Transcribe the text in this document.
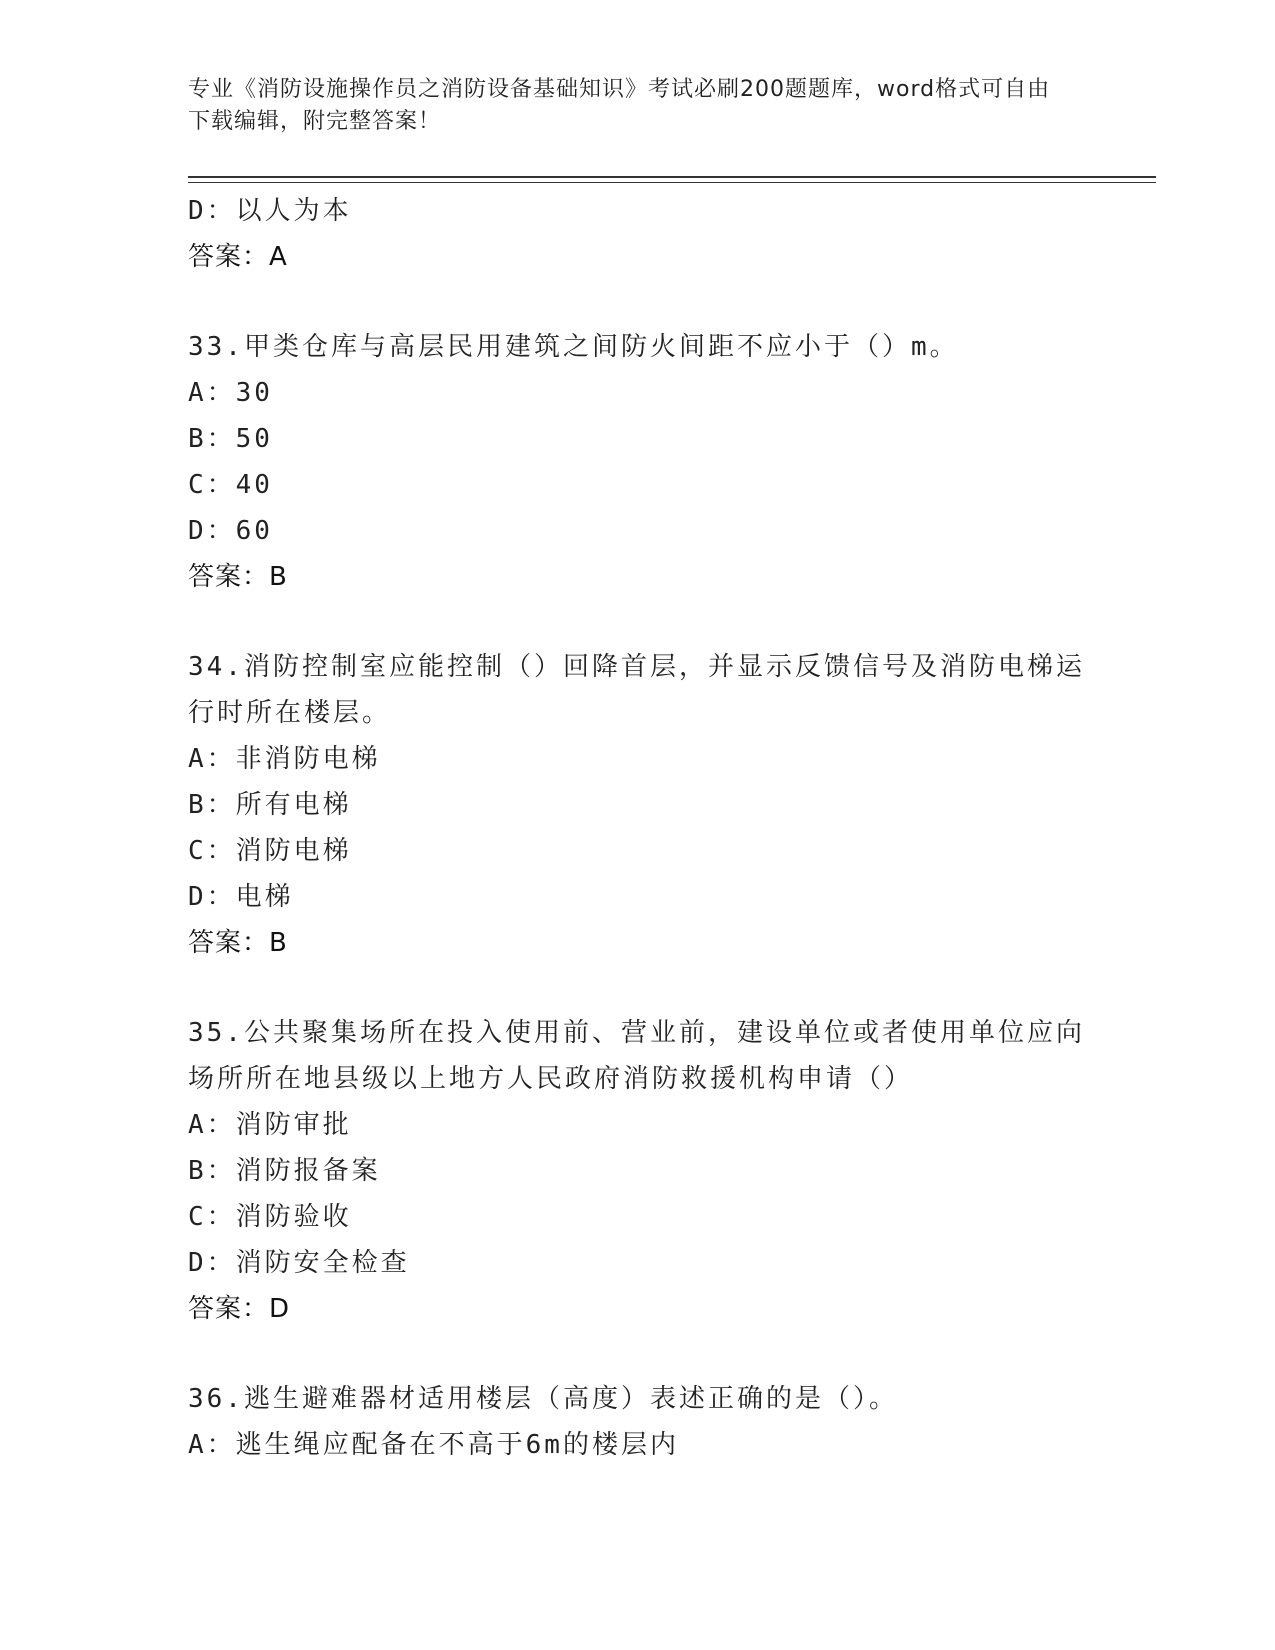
专业《消防设施操作员之消防设备基础知识》考试必刷200题题库，word格式可自由下载编辑，附完整答案！
D：以人为本
答案：A
33.甲类仓库与高层民用建筑之间防火间距不应小于（）m。
A：30
B：50
C：40
D：60
答案：B
34.消防控制室应能控制（）回降首层，并显示反馈信号及消防电梯运行时所在楼层。
A：非消防电梯
B：所有电梯
C：消防电梯
D：电梯
答案：B
35.公共聚集场所在投入使用前、营业前，建设单位或者使用单位应向场所所在地县级以上地方人民政府消防救援机构申请（）
A：消防审批
B：消防报备案
C：消防验收
D：消防安全检查
答案：D
36.逃生避难器材适用楼层（高度）表述正确的是（）。
A：逃生绳应配备在不高于6m的楼层内
